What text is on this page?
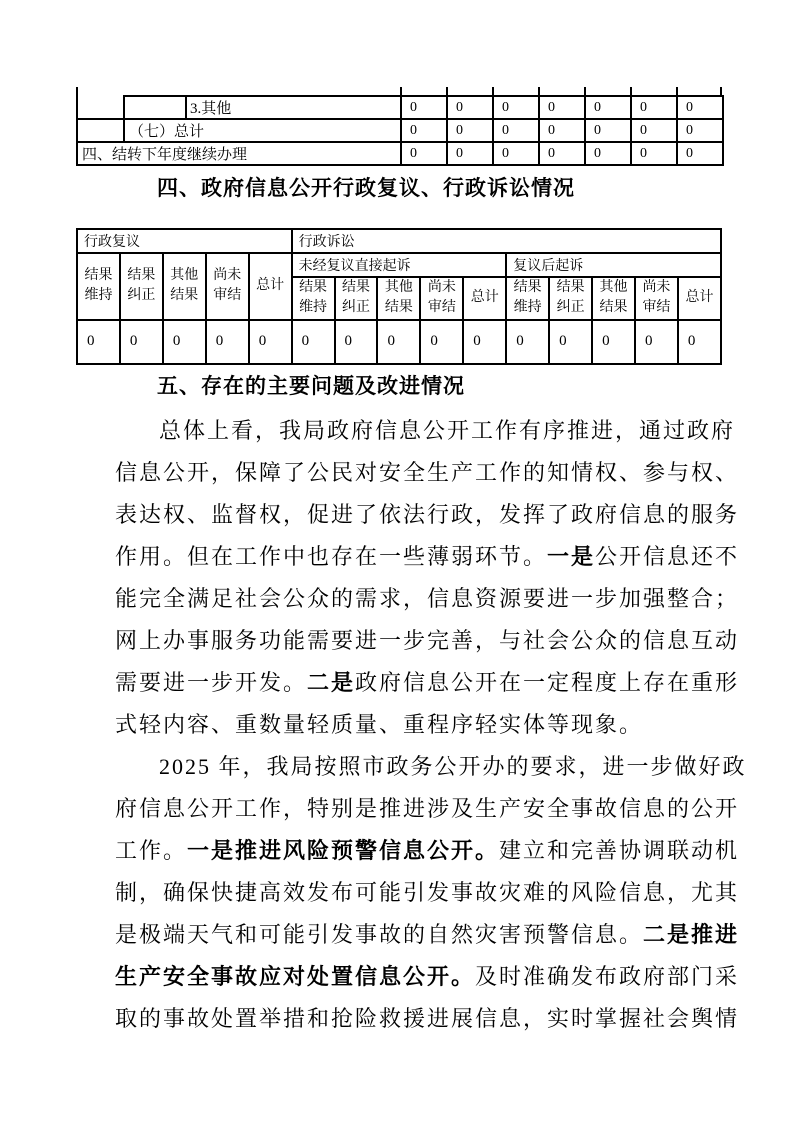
		3.其他	0	0	0	0	0	0	0
	（七）总计		0	0	0	0	0	0	0
四、结转下年度继续办理			0	0	0	0	0	0	0
四、政府信息公开行政复议、行政诉讼情况
行政复议					行政诉讼									
结果维持	结果纠正	其他结果	尚未审结	总计	未经复议直接起诉					复议后起诉				
					结果维持	结果纠正	其他结果	尚未审结	总计	结果维持	结果纠正	其他结果	尚未审结	总计
0	0	0	0	0	0	0	0	0	0	0	0	0	0	0
五、存在的主要问题及改进情况
总体上看，我局政府信息公开工作有序推进，通过政府
信息公开，保障了公民对安全生产工作的知情权、参与权、
表达权、监督权，促进了依法行政，发挥了政府信息的服务
作用。但在工作中也存在一些薄弱环节。一是公开信息还不
能完全满足社会公众的需求，信息资源要进一步加强整合；
网上办事服务功能需要进一步完善，与社会公众的信息互动
需要进一步开发。二是政府信息公开在一定程度上存在重形
式轻内容、重数量轻质量、重程序轻实体等现象。
2025 年，我局按照市政务公开办的要求，进一步做好政
府信息公开工作，特别是推进涉及生产安全事故信息的公开
工作。一是推进风险预警信息公开。建立和完善协调联动机
制，确保快捷高效发布可能引发事故灾难的风险信息，尤其
是极端天气和可能引发事故的自然灾害预警信息。二是推进
生产安全事故应对处置信息公开。及时准确发布政府部门采
取的事故处置举措和抢险救援进展信息，实时掌握社会舆情
